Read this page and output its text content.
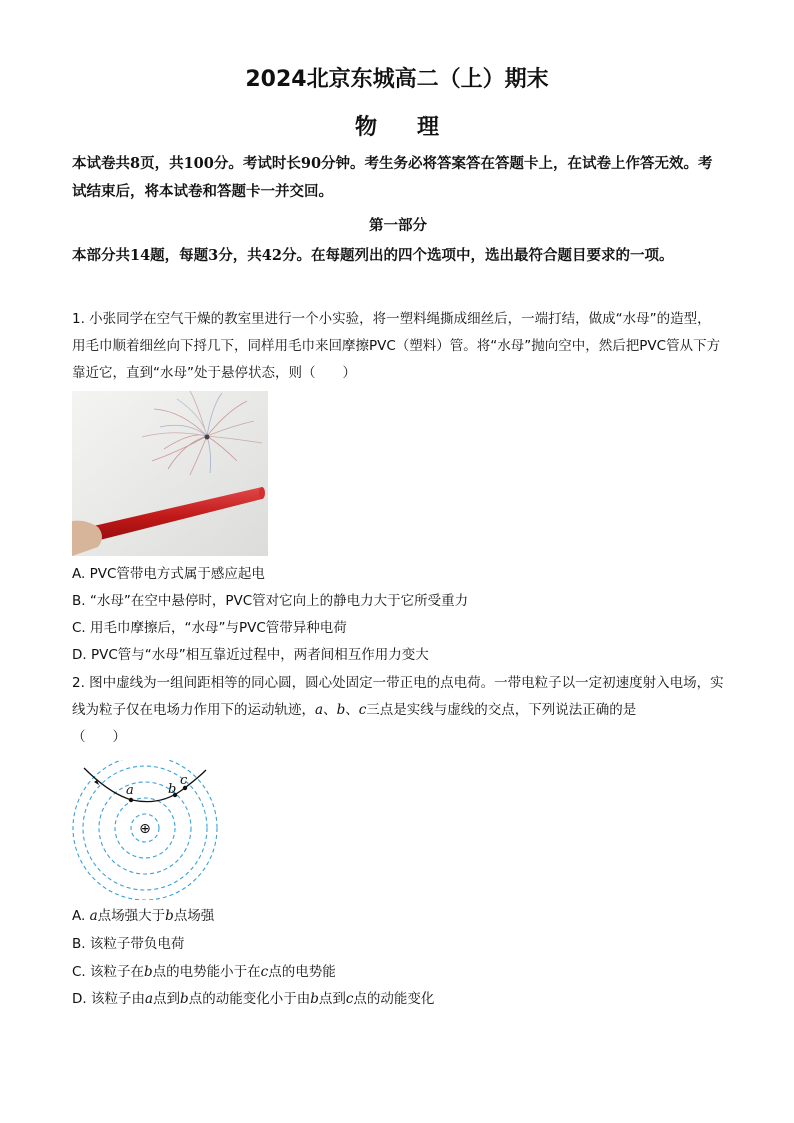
2024北京东城高二（上）期末
物理
本试卷共8页，共100分。考试时长90分钟。考生务必将答案答在答题卡上，在试卷上作答无效。考试结束后，将本试卷和答题卡一并交回。
第一部分
本部分共14题，每题3分，共42分。在每题列出的四个选项中，选出最符合题目要求的一项。
1. 小张同学在空气干燥的教室里进行一个小实验，将一塑料绳撕成细丝后，一端打结，做成“水母”的造型，用毛巾顺着细丝向下捋几下，同样用毛巾来回摩擦PVC（塑料）管。将“水母”抛向空中，然后把PVC管从下方靠近它，直到“水母”处于悬停状态，则（　　）
A. PVC管带电方式属于感应起电
B. “水母”在空中悬停时，PVC管对它向上的静电力大于它所受重力
C. 用毛巾摩擦后，“水母”与PVC管带异种电荷
D. PVC管与“水母”相互靠近过程中，两者间相互作用力变大
2. 图中虚线为一组间距相等的同心圆，圆心处固定一带正电的点电荷。一带电粒子以一定初速度射入电场，实线为粒子仅在电场力作用下的运动轨迹，a、b、c三点是实线与虚线的交点，下列说法正确的是
（　　）
a	b
c
⊕
A. a点场强大于b点场强
B. 该粒子带负电荷
C. 该粒子在b点的电势能小于在c点的电势能
D. 该粒子由a点到b点的动能变化小于由b点到c点的动能变化
